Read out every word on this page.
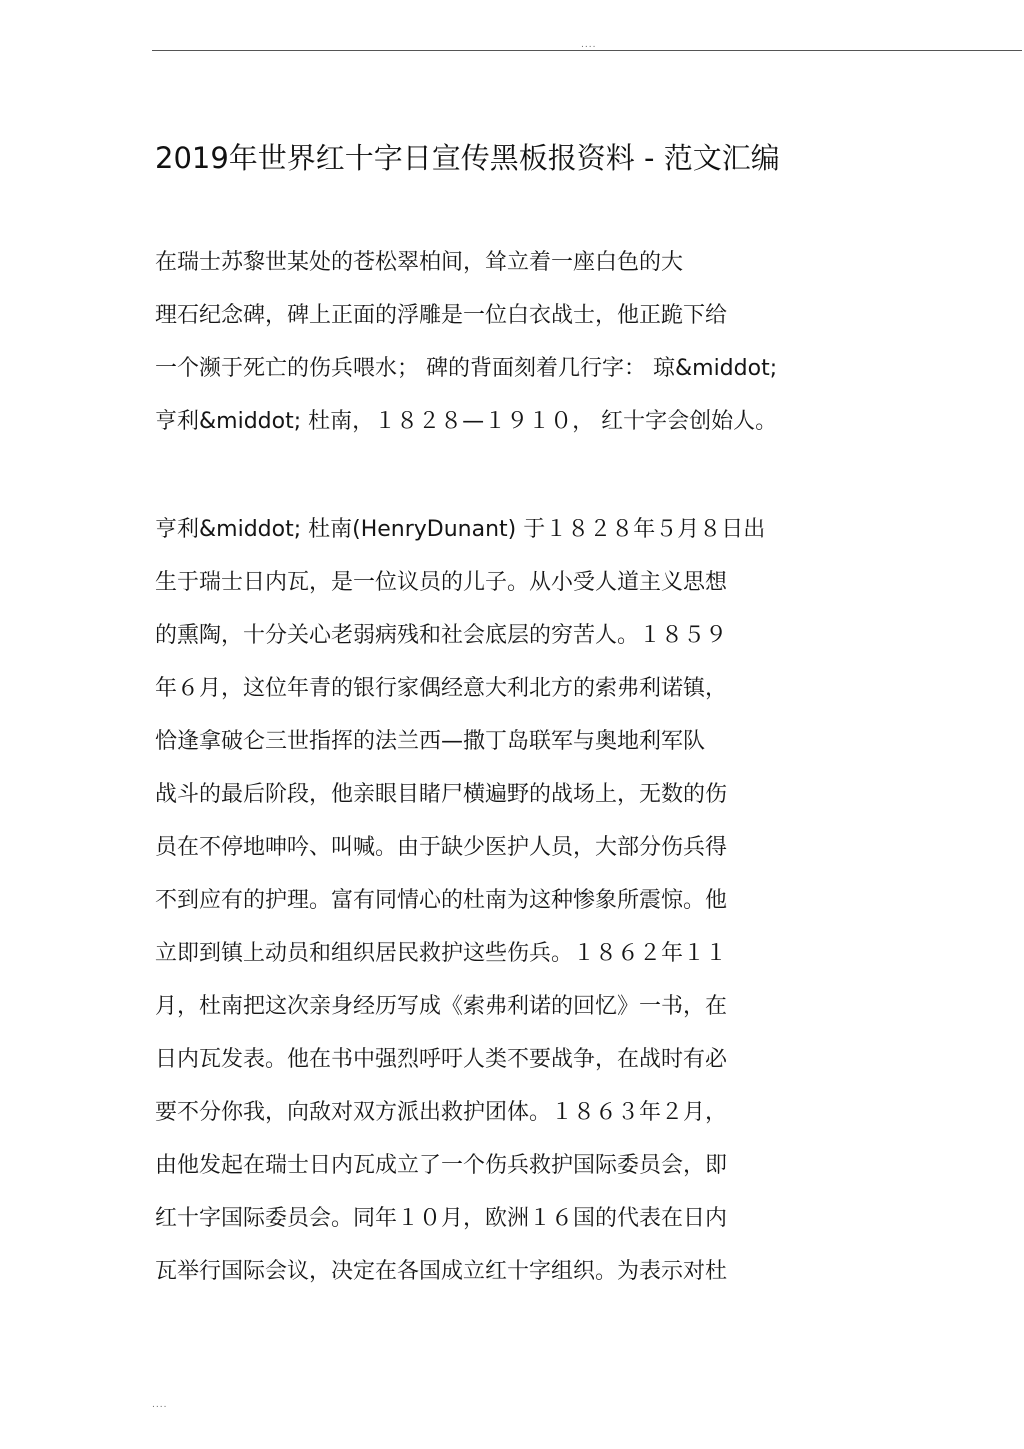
....
2019年世界红十字日宣传黑板报资料 - 范文汇编
在瑞士苏黎世某处的苍松翠柏间，耸立着一座白色的大
理石纪念碑，碑上正面的浮雕是一位白衣战士，他正跪下给
一个濒于死亡的伤兵喂水； 碑的背面刻着几行字： 琼&middot;
亨利&middot; 杜南，１８２８—１９１０， 红十字会创始人。
亨利&middot; 杜南(HenryDunant) 于１８２８年５月８日出
生于瑞士日内瓦，是一位议员的儿子。从小受人道主义思想
的熏陶，十分关心老弱病残和社会底层的穷苦人。１８５９
年６月，这位年青的银行家偶经意大利北方的索弗利诺镇，
恰逢拿破仑三世指挥的法兰西—撒丁岛联军与奥地利军队
战斗的最后阶段，他亲眼目睹尸横遍野的战场上，无数的伤
员在不停地呻吟、叫喊。由于缺少医护人员，大部分伤兵得
不到应有的护理。富有同情心的杜南为这种惨象所震惊。他
立即到镇上动员和组织居民救护这些伤兵。１８６２年１１
月，杜南把这次亲身经历写成《索弗利诺的回忆》一书，在
日内瓦发表。他在书中强烈呼吁人类不要战争，在战时有必
要不分你我，向敌对双方派出救护团体。１８６３年２月，
由他发起在瑞士日内瓦成立了一个伤兵救护国际委员会，即
红十字国际委员会。同年１０月，欧洲１６国的代表在日内
瓦举行国际会议，决定在各国成立红十字组织。为表示对杜
....
